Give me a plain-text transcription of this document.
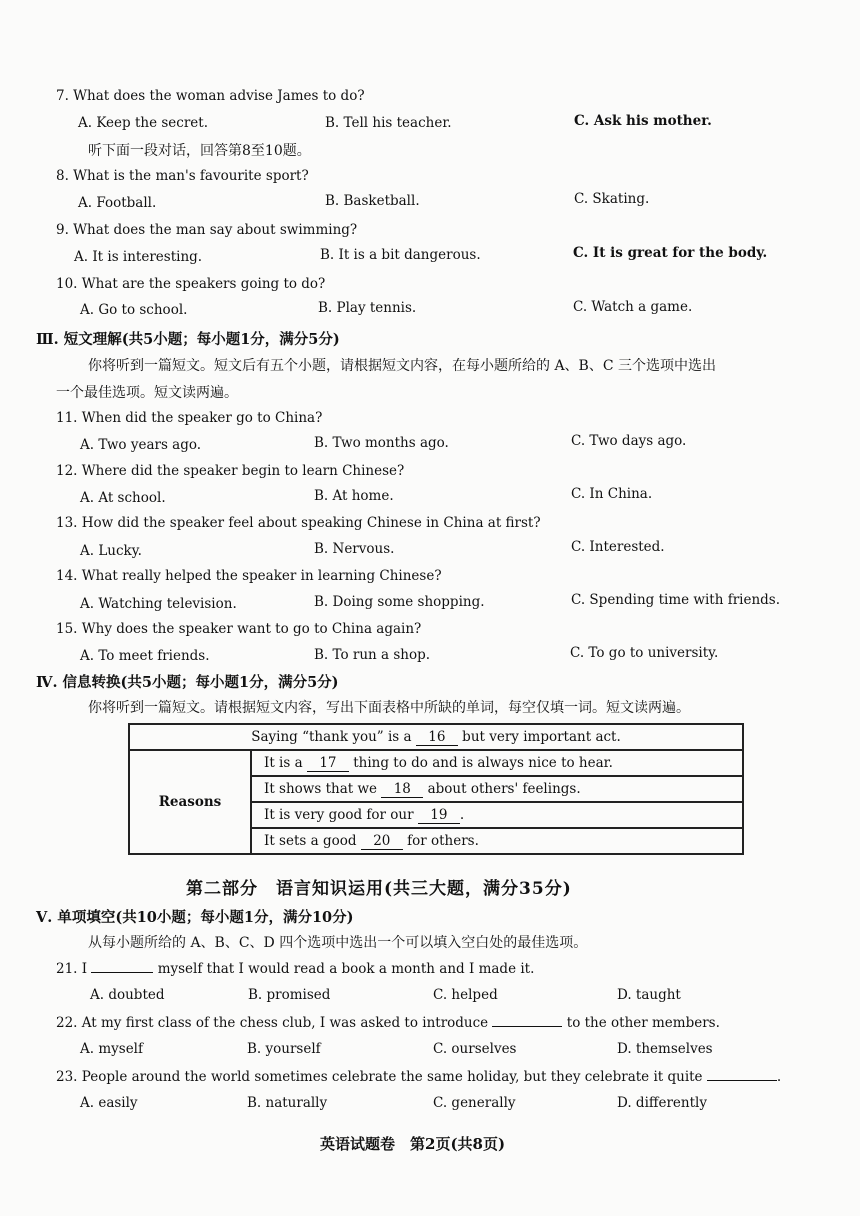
7. What does the woman advise James to do?
A. Keep the secret.	B. Tell his teacher.	C. Ask his mother.
听下面一段对话，回答第8至10题。
8. What is the man's favourite sport?
A. Football.	B. Basketball.	C. Skating.
9. What does the man say about swimming?
A. It is interesting.	B. It is a bit dangerous.	C. It is great for the body.
10. What are the speakers going to do?
A. Go to school.	B. Play tennis.	C. Watch a game.
Ⅲ. 短文理解(共5小题；每小题1分，满分5分)
你将听到一篇短文。短文后有五个小题，请根据短文内容，在每小题所给的 A、B、C 三个选项中选出
一个最佳选项。短文读两遍。
11. When did the speaker go to China?
A. Two years ago.	B. Two months ago.	C. Two days ago.
12. Where did the speaker begin to learn Chinese?
A. At school.	B. At home.	C. In China.
13. How did the speaker feel about speaking Chinese in China at first?
A. Lucky.	B. Nervous.	C. Interested.
14. What really helped the speaker in learning Chinese?
A. Watching television.	B. Doing some shopping.	C. Spending time with friends.
15. Why does the speaker want to go to China again?
A. To meet friends.	B. To run a shop.	C. To go to university.
Ⅳ. 信息转换(共5小题；每小题1分，满分5分)
你将听到一篇短文。请根据短文内容，写出下面表格中所缺的单词，每空仅填一词。短文读两遍。
Saying “thank you” is a 16 but very important act.
Reasons	It is a 17 thing to do and is always nice to hear.
It shows that we 18 about others' feelings.
It is very good for our 19 .
It sets a good 20 for others.
第二部分　语言知识运用(共三大题，满分35分)
Ⅴ. 单项填空(共10小题；每小题1分，满分10分)
从每小题所给的 A、B、C、D 四个选项中选出一个可以填入空白处的最佳选项。
21. I	myself that I would read a book a month and I made it.
A. doubted	B. promised	C. helped	D. taught
22. At my first class of the chess club, I was asked to introduce	to the other members.
A. myself	B. yourself	C. ourselves	D. themselves
23. People around the world sometimes celebrate the same holiday, but they celebrate it quite	.
A. easily	B. naturally	C. generally	D. differently
英语试题卷　第2页(共8页)
